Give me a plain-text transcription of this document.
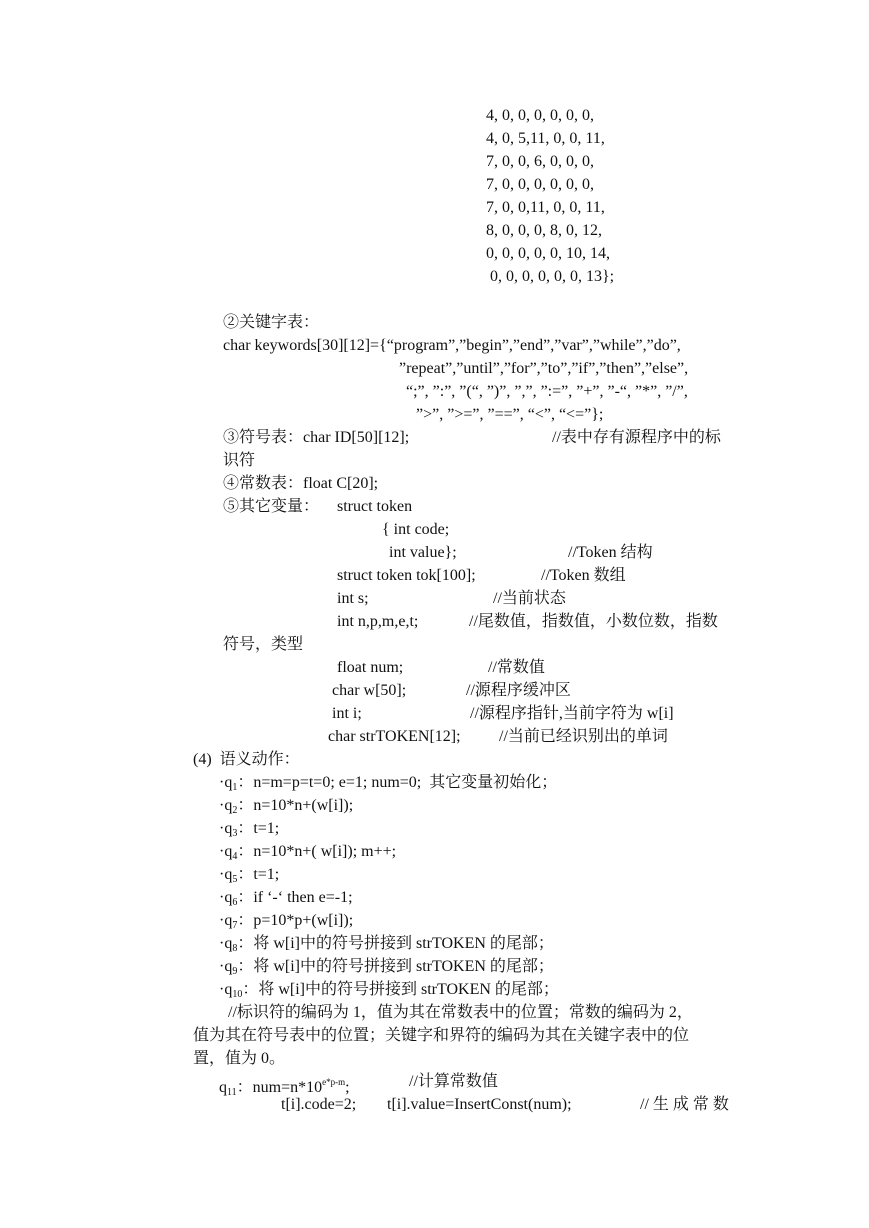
4, 0, 0, 0, 0, 0, 0,
4, 0, 5,11, 0, 0, 11,
7, 0, 0, 6, 0, 0, 0,
7, 0, 0, 0, 0, 0, 0,
7, 0, 0,11, 0, 0, 11,
8, 0, 0, 0, 8, 0, 12,
0, 0, 0, 0, 0, 10, 14,
0, 0, 0, 0, 0, 0, 13};
②关键字表：
char keywords[30][12]={“program”,”begin”,”end”,”var”,”while”,”do”,
”repeat”,”until”,”for”,”to”,”if”,”then”,”else”,
“;”, ”:”, ”(“, ”)”, ”,”, ”:=”, ”+”, ”-“, ”*”, ”/”,
”>”, ”>=”, ”==”, “<”, “<=”};
③符号表：char ID[50][12];	//表中存有源程序中的标
识符
④常数表：float C[20];
⑤其它变量： struct token
{ int code;
int value};	//Token 结构
struct token tok[100];	//Token 数组
int s;	//当前状态
int n,p,m,e,t;	//尾数值，指数值，小数位数，指数
符号，类型
float num;	//常数值
char w[50];	//源程序缓冲区
int i;	//源程序指针,当前字符为 w[i]
char strTOKEN[12]; //当前已经识别出的单词
(4)  语义动作：
$\cdot q_1$：n=m=p=t=0; e=1; num=0;  其它变量初始化；
$\cdot q_2$：n=10*n+(w[i]);
$\cdot q_3$：t=1;
$\cdot q_4$：n=10*n+( w[i]); m++;
$\cdot q_5$：t=1;
$\cdot q_6$：if ‘-‘ then e=-1;
$\cdot q_7$：p=10*p+(w[i]);
$\cdot q_8$：将 w[i]中的符号拼接到 strTOKEN 的尾部；
$\cdot q_9$：将 w[i]中的符号拼接到 strTOKEN 的尾部；
$\cdot q_{10}$：将 w[i]中的符号拼接到 strTOKEN 的尾部；
//标识符的编码为 1，值为其在常数表中的位置；常数的编码为 2，
值为其在符号表中的位置；关键字和界符的编码为其在关键字表中的位
置，值为 0。
$q_{11}$：$num=n*10^{e*p-m}$;	//计算常数值
t[i].code=2; t[i].value=InsertConst(num);	// 生 成 常 数
